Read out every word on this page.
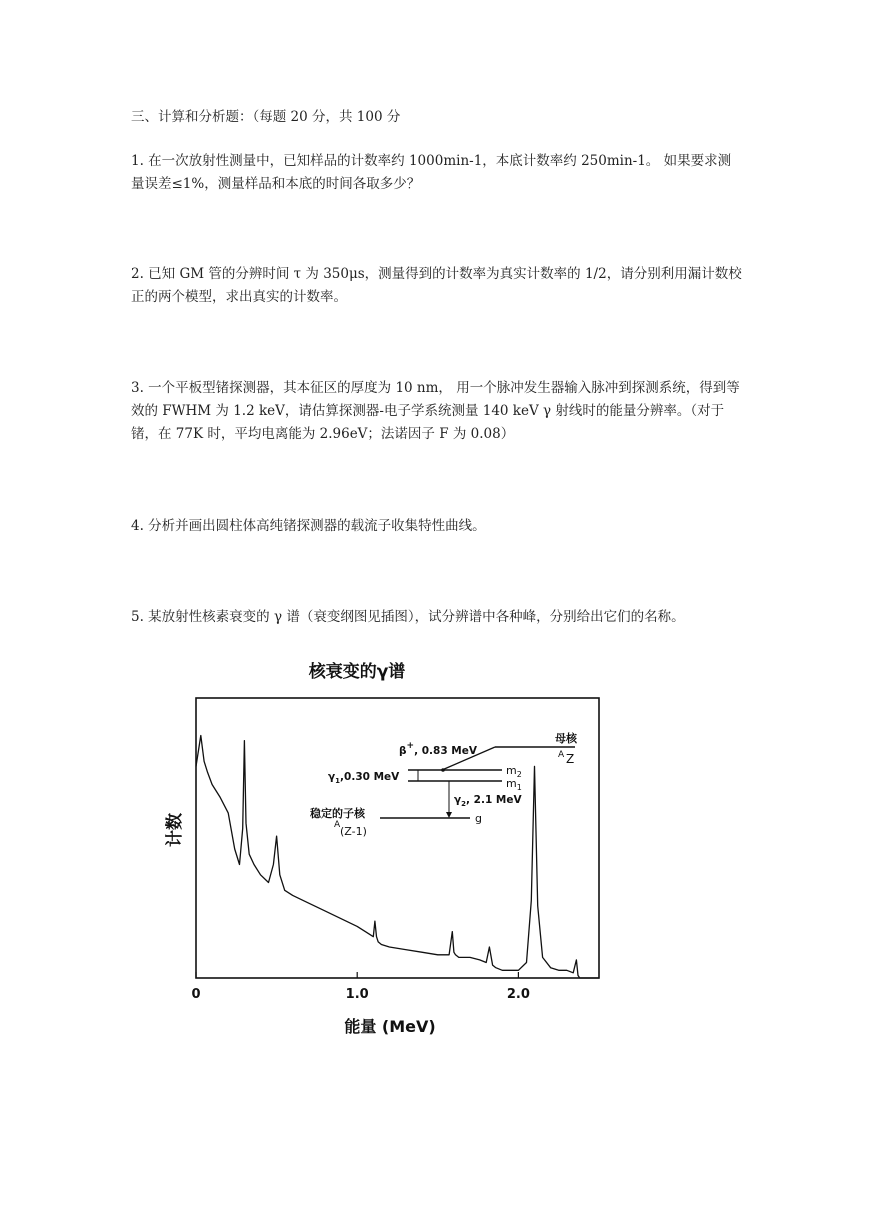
三、计算和分析题：（每题 20 分，共 100 分

1. 在一次放射性测量中，已知样品的计数率约 1000min-1，本底计数率约 250min-1。 如果要求测量误差≤1%，测量样品和本底的时间各取多少？

2. 已知 GM 管的分辨时间 τ 为 350μs，测量得到的计数率为真实计数率的 1/2，请分别利用漏计数校正的两个模型，求出真实的计数率。

3. 一个平板型锗探测器，其本征区的厚度为 10 nm， 用一个脉冲发生器输入脉冲到探测系统，得到等效的 FWHM 为 1.2 keV，请估算探测器-电子学系统测量 140 keV γ 射线时的能量分辨率。（对于锗，在 77K 时，平均电离能为 2.96eV；法诺因子 F 为 0.08）

4. 分析并画出圆柱体高纯锗探测器的载流子收集特性曲线。

5. 某放射性核素衰变的 γ 谱（衰变纲图见插图），试分辨谱中各种峰，分别给出它们的名称。

核衰变的γ谱
计数
能量 (MeV)
0	1.0	2.0
母核
A Z
β+, 0.83 MeV
$m_2$
$m_1$
$\gamma_1,0.30$ MeV
$\gamma_2$, 2.1 MeV
g
稳定的子核
A (Z-1)
